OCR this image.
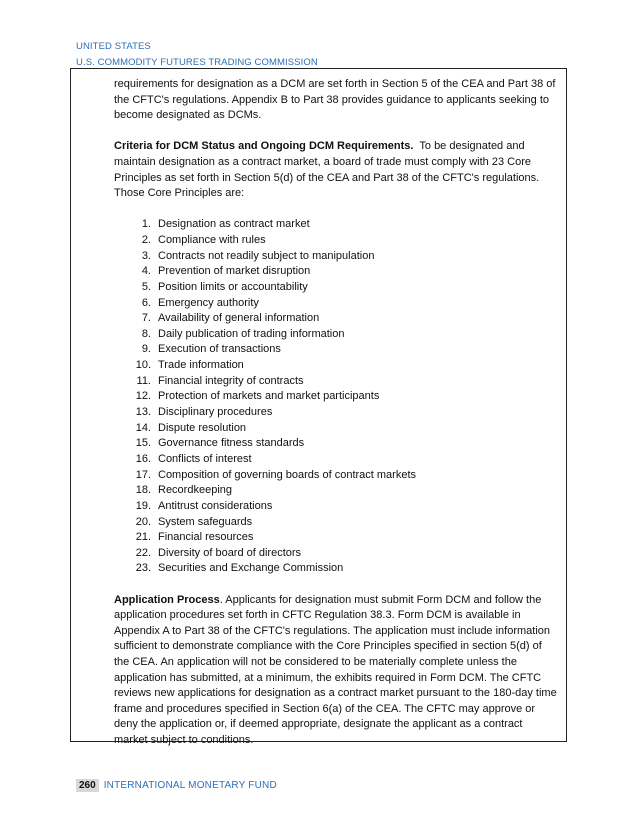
UNITED STATES
U.S. COMMODITY FUTURES TRADING COMMISSION

requirements for designation as a DCM are set forth in Section 5 of the CEA and Part 38 of the CFTC's regulations. Appendix B to Part 38 provides guidance to applicants seeking to become designated as DCMs.

Criteria for DCM Status and Ongoing DCM Requirements. To be designated and maintain designation as a contract market, a board of trade must comply with 23 Core Principles as set forth in Section 5(d) of the CEA and Part 38 of the CFTC's regulations. Those Core Principles are:

1. Designation as contract market
2. Compliance with rules
3. Contracts not readily subject to manipulation
4. Prevention of market disruption
5. Position limits or accountability
6. Emergency authority
7. Availability of general information
8. Daily publication of trading information
9. Execution of transactions
10. Trade information
11. Financial integrity of contracts
12. Protection of markets and market participants
13. Disciplinary procedures
14. Dispute resolution
15. Governance fitness standards
16. Conflicts of interest
17. Composition of governing boards of contract markets
18. Recordkeeping
19. Antitrust considerations
20. System safeguards
21. Financial resources
22. Diversity of board of directors
23. Securities and Exchange Commission

Application Process. Applicants for designation must submit Form DCM and follow the application procedures set forth in CFTC Regulation 38.3. Form DCM is available in Appendix A to Part 38 of the CFTC's regulations. The application must include information sufficient to demonstrate compliance with the Core Principles specified in section 5(d) of the CEA. An application will not be considered to be materially complete unless the application has submitted, at a minimum, the exhibits required in Form DCM. The CFTC reviews new applications for designation as a contract market pursuant to the 180-day time frame and procedures specified in Section 6(a) of the CEA. The CFTC may approve or deny the application or, if deemed appropriate, designate the applicant as a contract market subject to conditions.

260 INTERNATIONAL MONETARY FUND
